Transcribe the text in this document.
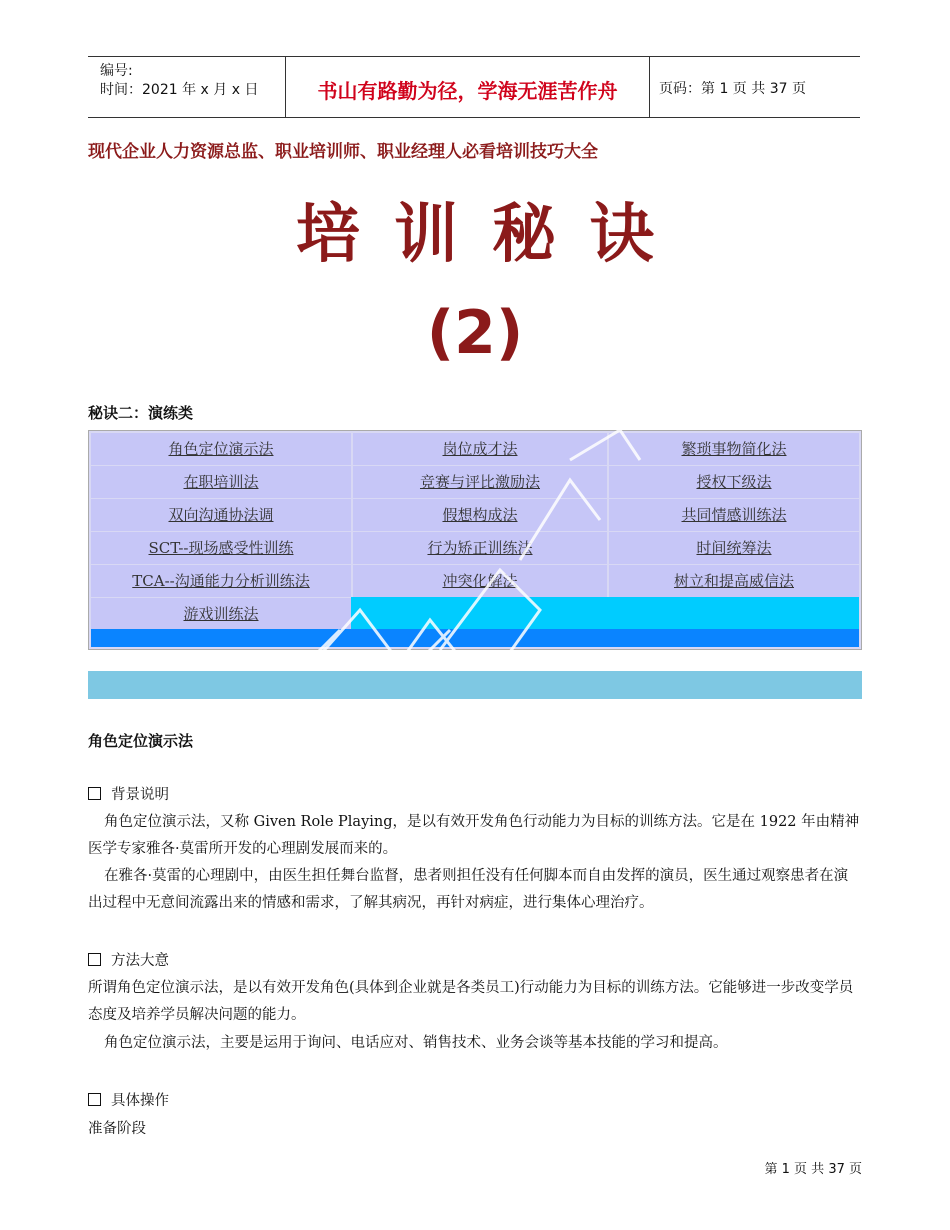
编号:
时间：2021 年 x 月 x 日	书山有路勤为径，学海无涯苦作舟	页码：第 1 页 共 37 页
现代企业人力资源总监、职业培训师、职业经理人必看培训技巧大全
培训秘诀
(2)
秘诀二：演练类
角色定位演示法	岗位成才法	繁琐事物简化法
在职培训法	竞赛与评比激励法	授权下级法
双向沟通协法调	假想构成法	共同情感训练法
SCT--现场感受性训练	行为矫正训练法	时间统筹法
TCA--沟通能力分析训练法	冲突化解法	树立和提高威信法
游戏训练法
角色定位演示法
背景说明
角色定位演示法，又称 Given Role Playing，是以有效开发角色行动能力为目标的训练方法。它是在 1922 年由精神医学专家雅各·莫雷所开发的心理剧发展而来的。
在雅各·莫雷的心理剧中，由医生担任舞台监督，患者则担任没有任何脚本而自由发挥的演员，医生通过观察患者在演出过程中无意间流露出来的情感和需求，了解其病况，再针对病症，进行集体心理治疗。
方法大意
所谓角色定位演示法，是以有效开发角色(具体到企业就是各类员工)行动能力为目标的训练方法。它能够进一步改变学员态度及培养学员解决问题的能力。
角色定位演示法，主要是运用于询问、电话应对、销售技术、业务会谈等基本技能的学习和提高。
具体操作
准备阶段
第 1 页 共 37 页
